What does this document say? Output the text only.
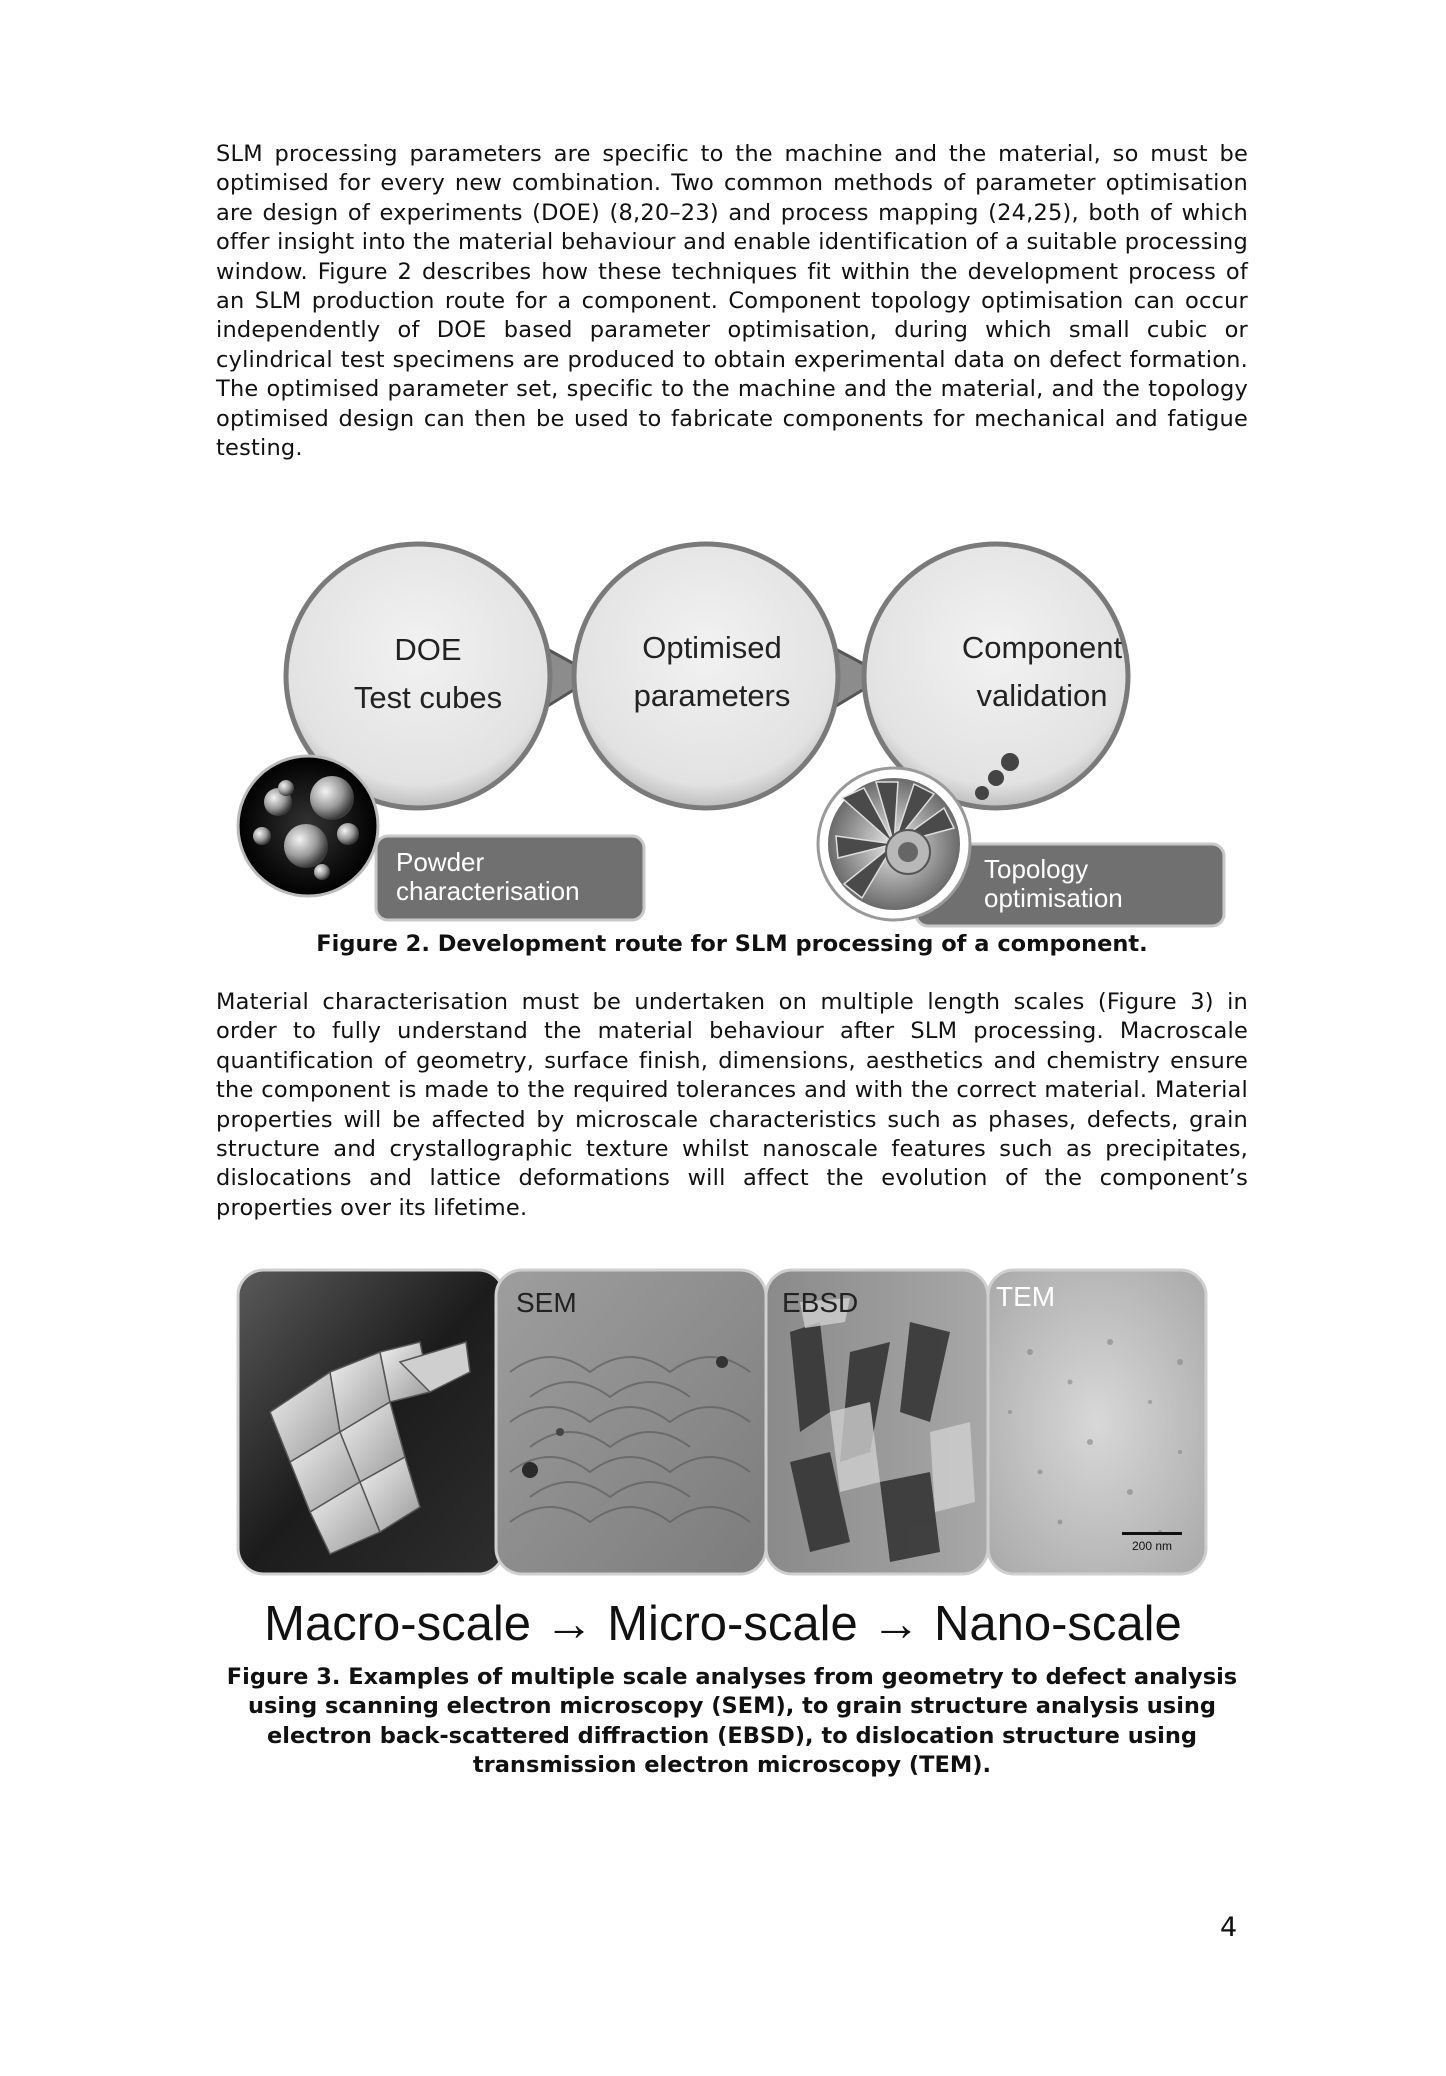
SLM processing parameters are specific to the machine and the material, so must be optimised for every new combination. Two common methods of parameter optimisation are design of experiments (DOE) (8,20–23) and process mapping (24,25), both of which offer insight into the material behaviour and enable identification of a suitable processing window. Figure 2 describes how these techniques fit within the development process of an SLM production route for a component. Component topology optimisation can occur independently of DOE based parameter optimisation, during which small cubic or cylindrical test specimens are produced to obtain experimental data on defect formation. The optimised parameter set, specific to the machine and the material, and the topology optimised design can then be used to fabricate components for mechanical and fatigue testing.

DOE
Test cubes
Optimised
parameters
Component
validation
Powder
characterisation
Topology
optimisation

Figure 2. Development route for SLM processing of a component.

Material characterisation must be undertaken on multiple length scales (Figure 3) in order to fully understand the material behaviour after SLM processing. Macroscale quantification of geometry, surface finish, dimensions, aesthetics and chemistry ensure the component is made to the required tolerances and with the correct material. Material properties will be affected by microscale characteristics such as phases, defects, grain structure and crystallographic texture whilst nanoscale features such as precipitates, dislocations and lattice deformations will affect the evolution of the component’s properties over its lifetime.

SEM	EBSD	TEM
200 nm
Macro-scale → Micro-scale → Nano-scale

Figure 3. Examples of multiple scale analyses from geometry to defect analysis using scanning electron microscopy (SEM), to grain structure analysis using electron back-scattered diffraction (EBSD), to dislocation structure using transmission electron microscopy (TEM).

4
